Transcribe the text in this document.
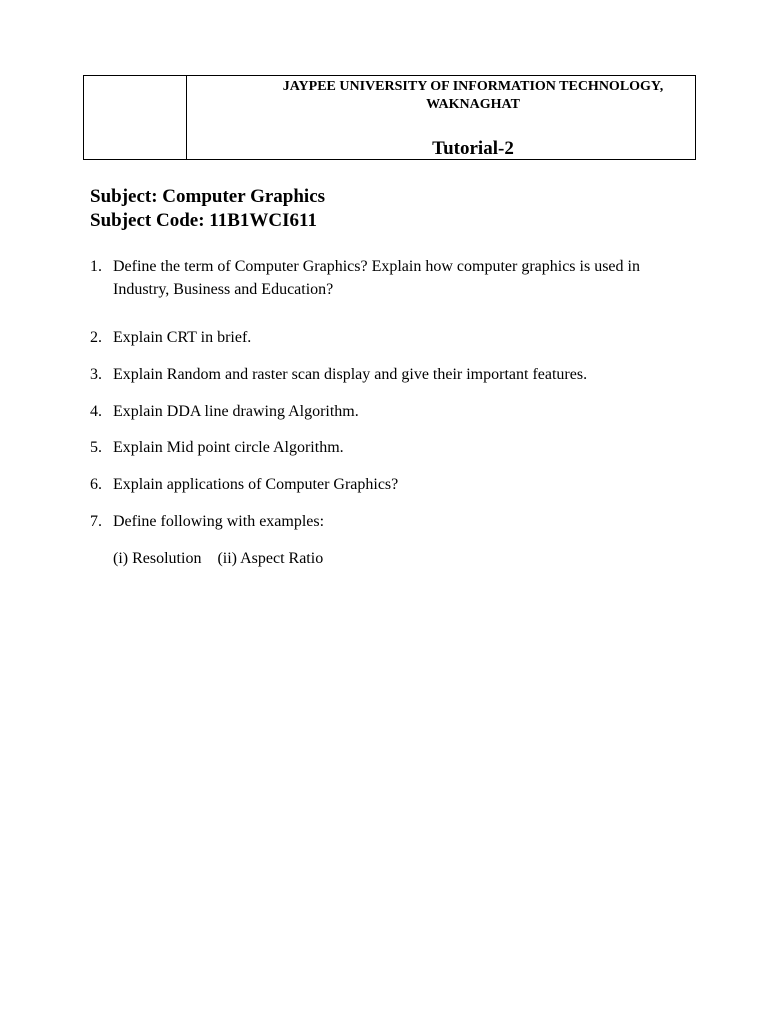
JAYPEE UNIVERSITY OF INFORMATION TECHNOLOGY,
WAKNAGHAT
Tutorial-2
Subject: Computer Graphics
Subject Code: 11B1WCI611
1. Define the term of Computer Graphics? Explain how computer graphics is used in Industry, Business and Education?
2. Explain CRT in brief.
3. Explain Random and raster scan display and give their important features.
4. Explain DDA line drawing Algorithm.
5. Explain Mid point circle Algorithm.
6. Explain applications of Computer Graphics?
7. Define following with examples:
(i) Resolution    (ii) Aspect Ratio
